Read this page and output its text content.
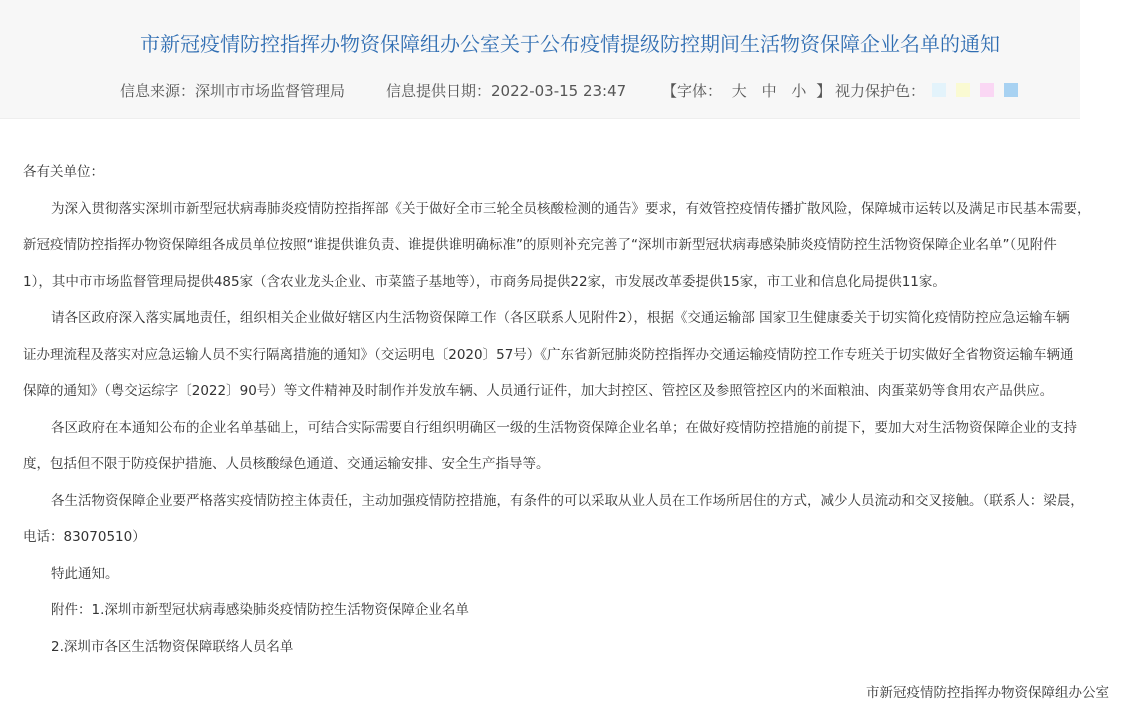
市新冠疫情防控指挥办物资保障组办公室关于公布疫情提级防控期间生活物资保障企业名单的通知
信息来源：深圳市市场监督管理局	信息提供日期：2022-03-15 23:47 【字体： 大 中 小 】 视力保护色：

各有关单位：

为深入贯彻落实深圳市新型冠状病毒肺炎疫情防控指挥部《关于做好全市三轮全员核酸检测的通告》要求，有效管控疫情传播扩散风险，保障城市运转以及满足市民基本需要，

新冠疫情防控指挥办物资保障组各成员单位按照“谁提供谁负责、谁提供谁明确标准”的原则补充完善了“深圳市新型冠状病毒感染肺炎疫情防控生活物资保障企业名单”（见附件

1），其中市市场监督管理局提供485家（含农业龙头企业、市菜篮子基地等），市商务局提供22家，市发展改革委提供15家，市工业和信息化局提供11家。

请各区政府深入落实属地责任，组织相关企业做好辖区内生活物资保障工作（各区联系人见附件2），根据《交通运输部 国家卫生健康委关于切实简化疫情防控应急运输车辆

证办理流程及落实对应急运输人员不实行隔离措施的通知》（交运明电〔2020〕57号）《广东省新冠肺炎防控指挥办交通运输疫情防控工作专班关于切实做好全省物资运输车辆通

保障的通知》（粤交运综字〔2022〕90号）等文件精神及时制作并发放车辆、人员通行证件，加大封控区、管控区及参照管控区内的米面粮油、肉蛋菜奶等食用农产品供应。

各区政府在本通知公布的企业名单基础上，可结合实际需要自行组织明确区一级的生活物资保障企业名单；在做好疫情防控措施的前提下，要加大对生活物资保障企业的支持

度，包括但不限于防疫保护措施、人员核酸绿色通道、交通运输安排、安全生产指导等。

各生活物资保障企业要严格落实疫情防控主体责任，主动加强疫情防控措施，有条件的可以采取从业人员在工作场所居住的方式，减少人员流动和交叉接触。（联系人：梁晨，

电话：83070510）

特此通知。

附件：1.深圳市新型冠状病毒感染肺炎疫情防控生活物资保障企业名单

2.深圳市各区生活物资保障联络人员名单

市新冠疫情防控指挥办物资保障组办公室
